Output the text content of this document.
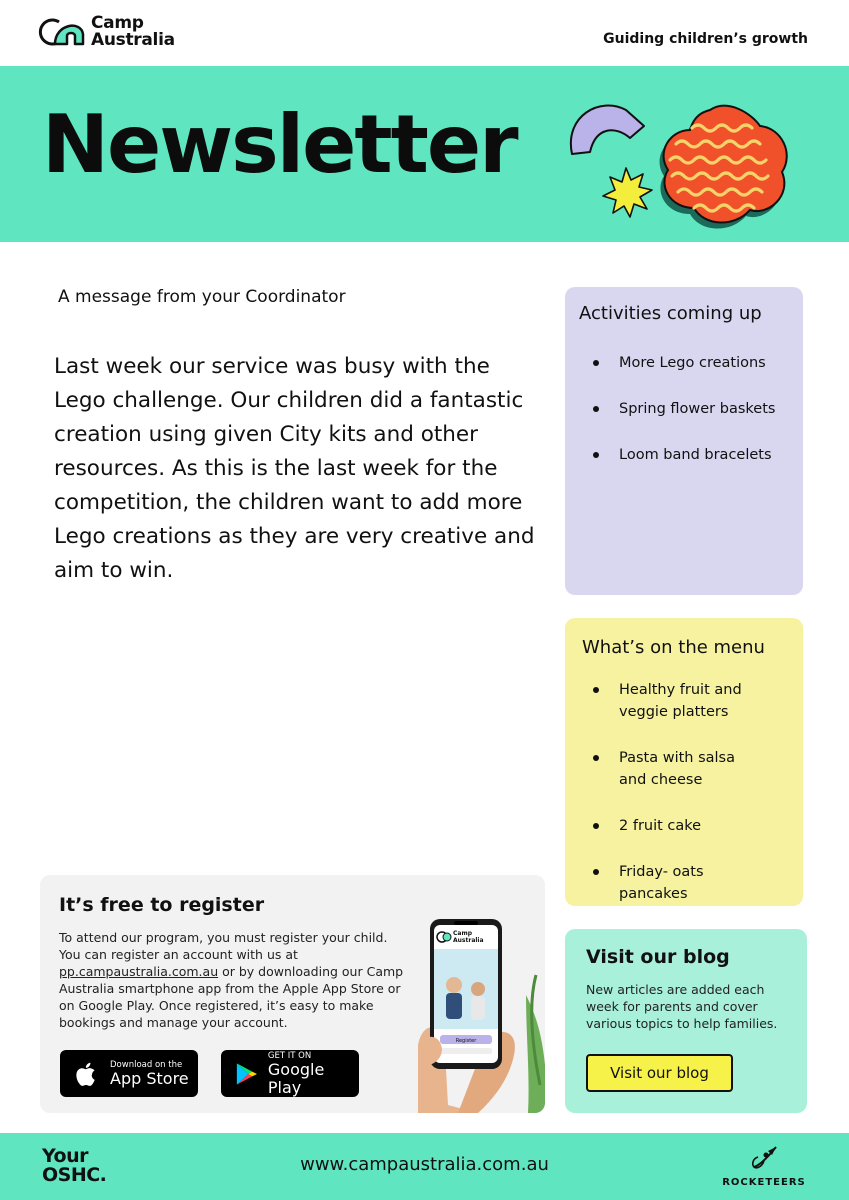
Camp
Australia	Guiding children’s growth
Newsletter
A message from your Coordinator
Last week our service was busy with the Lego challenge. Our children did a fantastic creation using given City kits and other resources. As this is the last week for the competition, the children want to add more Lego creations as they are very creative and aim to win.
Activities coming up
More Lego creations
Spring flower baskets
Loom band bracelets
What’s on the menu
Healthy fruit and veggie platters
Pasta with salsa and cheese
2 fruit cake
Friday- oats pancakes
It’s free to register

To attend our program, you must register your child. You can register an account with us at pp.campaustralia.com.au or by downloading our Camp Australia smartphone app from the Apple App Store or on Google Play. Once registered, it’s easy to make bookings and manage your account.

Download on the
App Store
GET IT ON
Google Play
Camp
Australia
Register
Visit our blog

New articles are added each week for parents and cover various topics to help families.

Visit our blog
Your
OSHC.	www.campaustralia.com.au
ROCKETEERS
